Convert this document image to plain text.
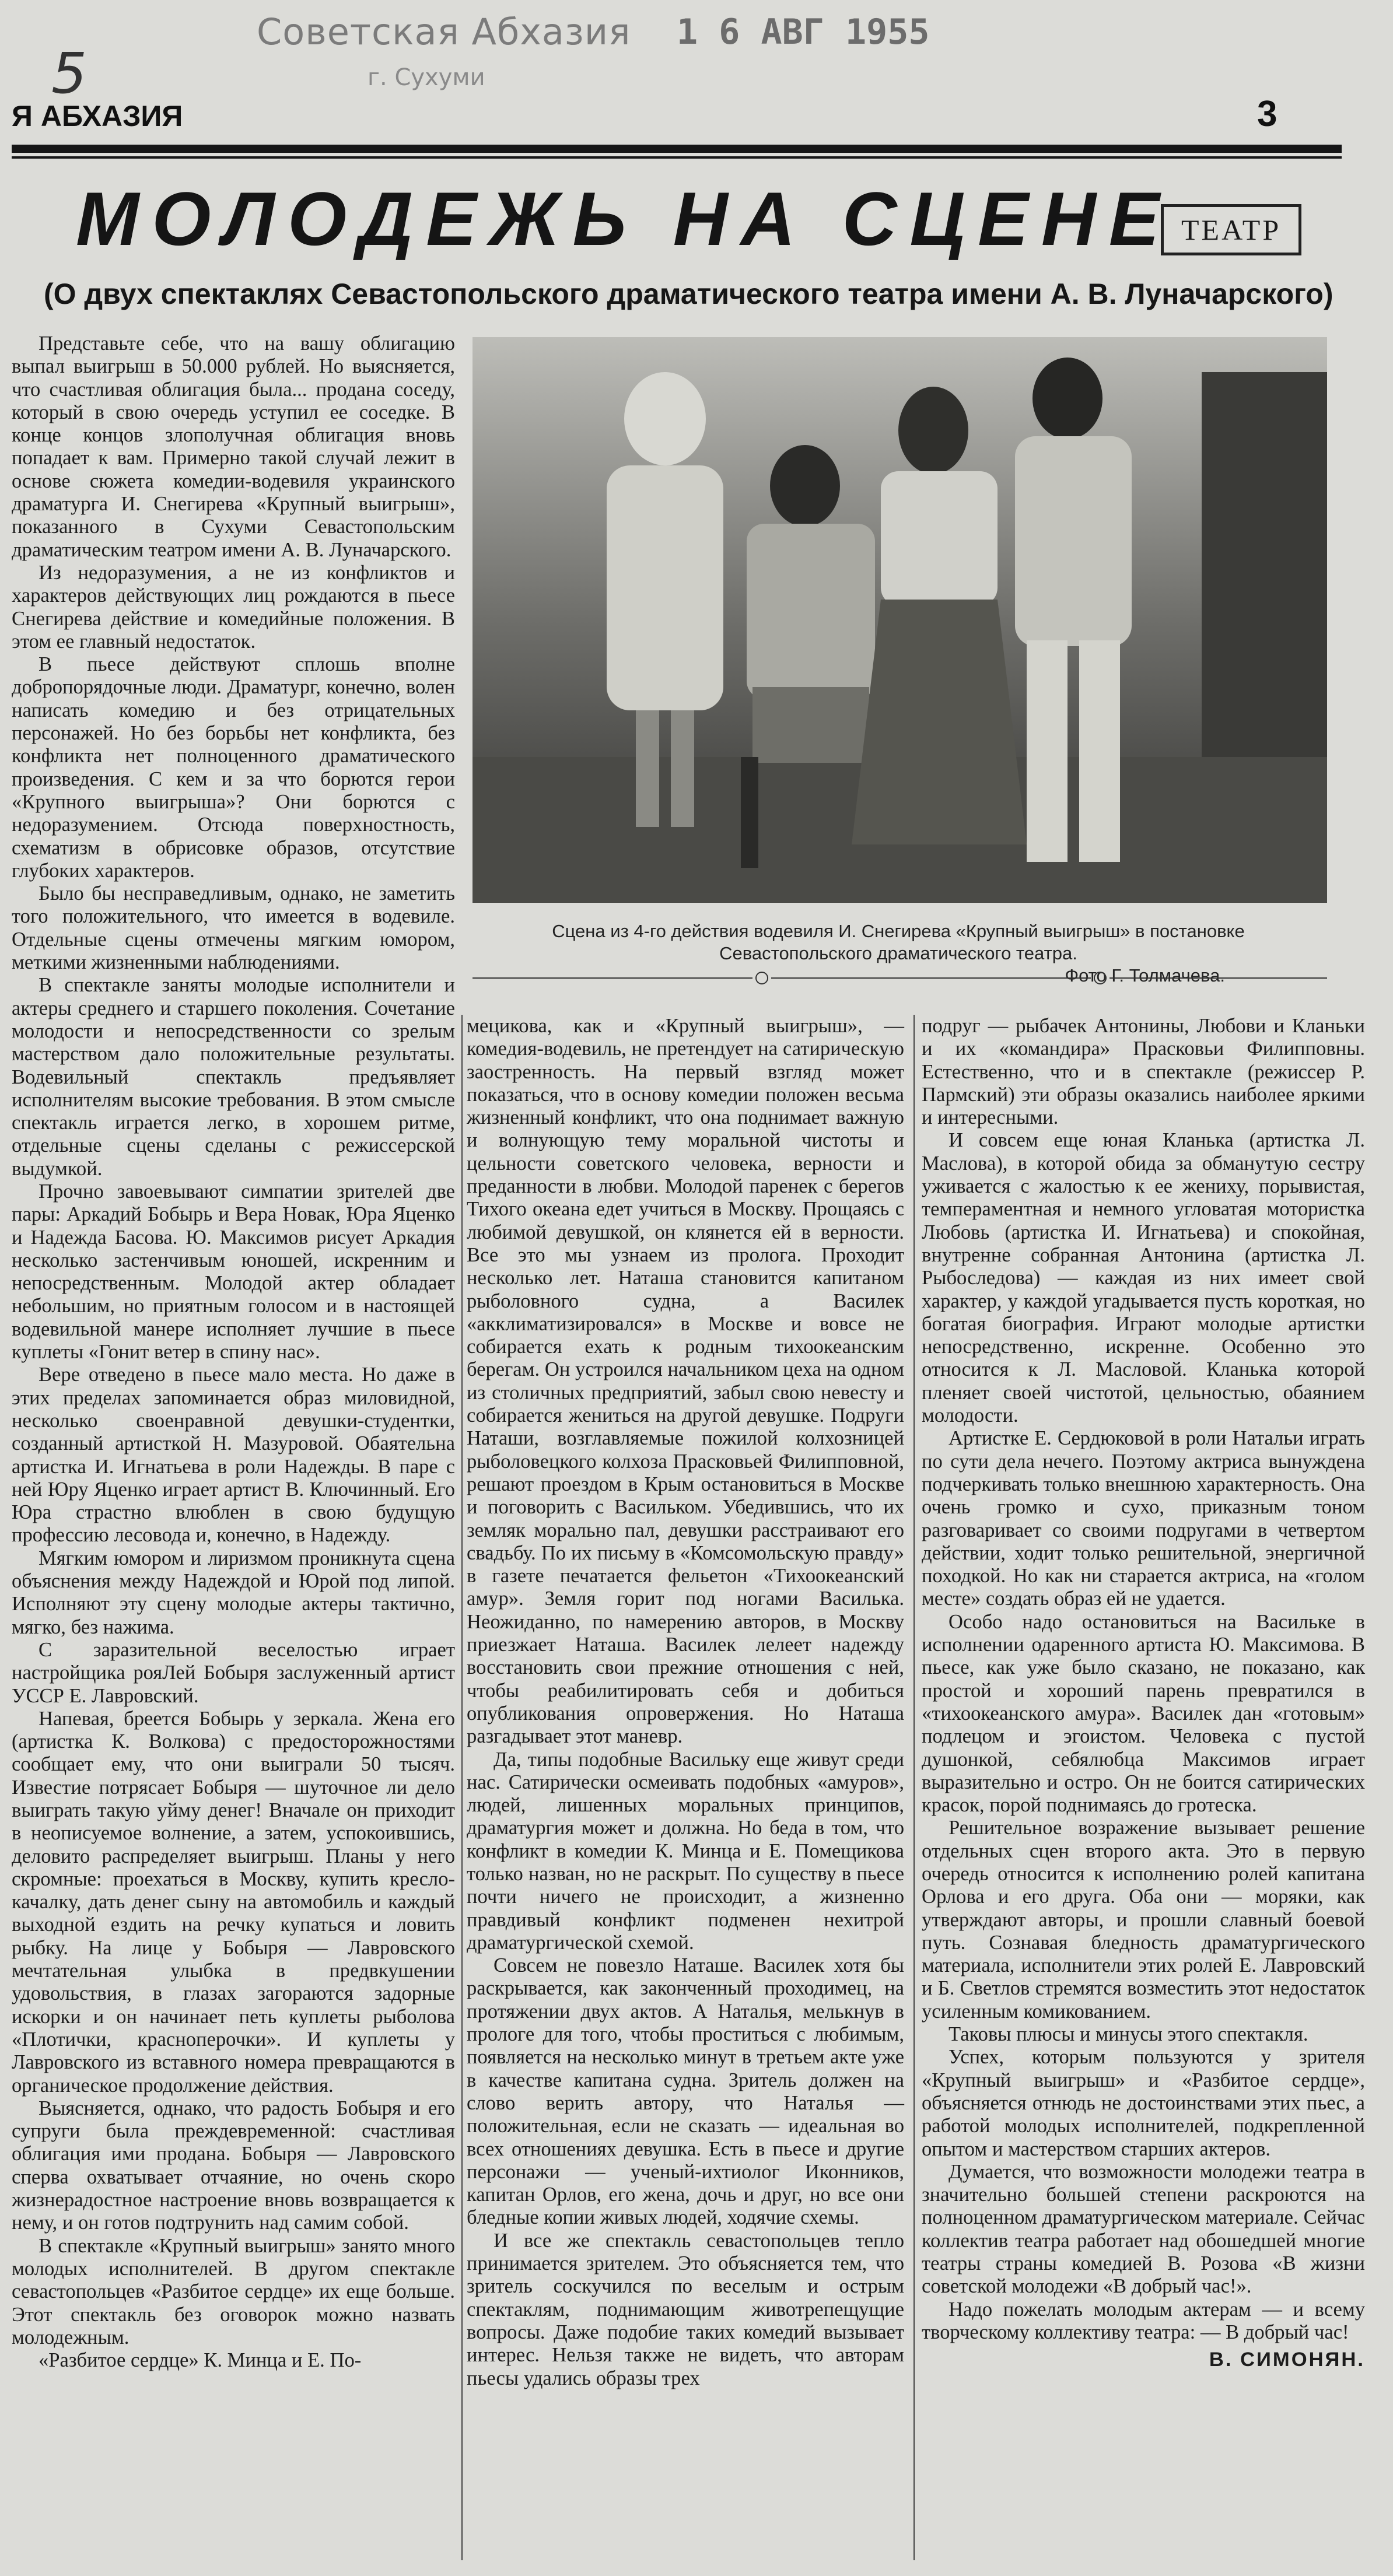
Советская Абхазия
г. Сухуми
1 6 АВГ 1955
5
Я АБХАЗИЯ	3
МОЛОДЕЖЬ НА СЦЕНЕ ТЕАТР
(О двух спектаклях Севастопольского драматического театра имени А. В. Луначарского)
Сцена из 4-го действия водевиля И. Снегирева «Крупный выигрыш» в постановке Севастопольского драматического театра.
Фото Г. Толмачева.

Представьте себе, что на вашу облигацию выпал выигрыш в 50.000 рублей. Но выясняется, что счастливая облигация была... продана соседу, который в свою очередь уступил ее соседке. В конце концов злополучная облигация вновь попадает к вам. Примерно такой случай лежит в основе сюжета комедии-водевиля украинского драматурга И. Снегирева «Крупный выигрыш», показанного в Сухуми Севастопольским драматическим театром имени А. В. Луначарского.

Из недоразумения, а не из конфликтов и характеров действующих лиц рождаются в пьесе Снегирева действие и комедийные положения. В этом ее главный недостаток.

В пьесе действуют сплошь вполне добропорядочные люди. Драматург, конечно, волен написать комедию и без отрицательных персонажей. Но без борьбы нет конфликта, без конфликта нет полноценного драматического произведения. С кем и за что борются герои «Крупного выигрыша»? Они борются с недоразумением. Отсюда поверхностность, схематизм в обрисовке образов, отсутствие глубоких характеров.

Было бы несправедливым, однако, не заметить того положительного, что имеется в водевиле. Отдельные сцены отмечены мягким юмором, меткими жизненными наблюдениями.

В спектакле заняты молодые исполнители и актеры среднего и старшего поколения. Сочетание молодости и непосредственности со зрелым мастерством дало положительные результаты. Водевильный спектакль предъявляет исполнителям высокие требования. В этом смысле спектакль играется легко, в хорошем ритме, отдельные сцены сделаны с режиссерской выдумкой.

Прочно завоевывают симпатии зрителей две пары: Аркадий Бобырь и Вера Новак, Юра Яценко и Надежда Басова. Ю. Максимов рисует Аркадия несколько застенчивым юношей, искренним и непосредственным. Молодой актер обладает небольшим, но приятным голосом и в настоящей водевильной манере исполняет лучшие в пьесе куплеты «Гонит ветер в спину нас».

Вере отведено в пьесе мало места. Но даже в этих пределах запоминается образ миловидной, несколько своенравной девушки-студентки, созданный артисткой Н. Мазуровой. Обаятельна артистка И. Игнатьева в роли Надежды. В паре с ней Юру Яценко играет артист В. Ключинный. Его Юра страстно влюблен в свою будущую профессию лесовода и, конечно, в Надежду.

Мягким юмором и лиризмом проникнута сцена объяснения между Надеждой и Юрой под липой. Исполняют эту сцену молодые актеры тактично, мягко, без нажима.

С заразительной веселостью играет настройщика рояЛей Бобыря заслуженный артист УССР Е. Лавровский.

Напевая, бреется Бобырь у зеркала. Жена его (артистка К. Волкова) с предосторожностями сообщает ему, что они выиграли 50 тысяч. Известие потрясает Бобыря — шуточное ли дело выиграть такую уйму денег! Вначале он приходит в неописуемое волнение, а затем, успокоившись, деловито распределяет выигрыш. Планы у него скромные: проехаться в Москву, купить кресло-качалку, дать денег сыну на автомобиль и каждый выходной ездить на речку купаться и ловить рыбку. На лице у Бобыря — Лавровского мечтательная улыбка в предвкушении удовольствия, в глазах загораются задорные искорки и он начинает петь куплеты рыболова «Плотички, красноперочки». И куплеты у Лавровского из вставного номера превращаются в органическое продолжение действия.

Выясняется, однако, что радость Бобыря и его супруги была преждевременной: счастливая облигация ими продана. Бобыря — Лавровского сперва охватывает отчаяние, но очень скоро жизнерадостное настроение вновь возвращается к нему, и он готов подтрунить над самим собой.

В спектакле «Крупный выигрыш» занято много молодых исполнителей. В другом спектакле севастопольцев «Разбитое сердце» их еще больше. Этот спектакль без оговорок можно назвать молодежным.

«Разбитое сердце» К. Минца и Е. По-

мецикова, как и «Крупный выигрыш», — комедия-водевиль, не претендует на сатирическую заостренность. На первый взгляд может показаться, что в основу комедии положен весьма жизненный конфликт, что она поднимает важную и волнующую тему моральной чистоты и цельности советского человека, верности и преданности в любви. Молодой паренек с берегов Тихого океана едет учиться в Москву. Прощаясь с любимой девушкой, он клянется ей в верности. Все это мы узнаем из пролога. Проходит несколько лет. Наташа становится капитаном рыболовного судна, а Василек «акклиматизировался» в Москве и вовсе не собирается ехать к родным тихоокеанским берегам. Он устроился начальником цеха на одном из столичных предприятий, забыл свою невесту и собирается жениться на другой девушке. Подруги Наташи, возглавляемые пожилой колхозницей рыболовецкого колхоза Прасковьей Филипповной, решают проездом в Крым остановиться в Москве и поговорить с Васильком. Убедившись, что их земляк морально пал, девушки расстраивают его свадьбу. По их письму в «Комсомольскую правду» в газете печатается фельетон «Тихоокеанский амур». Земля горит под ногами Василька. Неожиданно, по намерению авторов, в Москву приезжает Наташа. Василек лелеет надежду восстановить свои прежние отношения с ней, чтобы реабилитировать себя и добиться опубликования опровержения. Но Наташа разгадывает этот маневр.

Да, типы подобные Васильку еще живут среди нас. Сатирически осмеивать подобных «амуров», людей, лишенных моральных принципов, драматургия может и должна. Но беда в том, что конфликт в комедии К. Минца и Е. Помещикова только назван, но не раскрыт. По существу в пьесе почти ничего не происходит, а жизненно правдивый конфликт подменен нехитрой драматургической схемой.

Совсем не повезло Наташе. Василек хотя бы раскрывается, как законченный проходимец, на протяжении двух актов. А Наталья, мелькнув в прологе для того, чтобы проститься с любимым, появляется на несколько минут в третьем акте уже в качестве капитана судна. Зритель должен на слово верить автору, что Наталья — положительная, если не сказать — идеальная во всех отношениях девушка. Есть в пьесе и другие персонажи — ученый-ихтиолог Иконников, капитан Орлов, его жена, дочь и друг, но все они бледные копии живых людей, ходячие схемы.

И все же спектакль севастопольцев тепло принимается зрителем. Это объясняется тем, что зритель соскучился по веселым и острым спектаклям, поднимающим животрепещущие вопросы. Даже подобие таких комедий вызывает интерес. Нельзя также не видеть, что авторам пьесы удались образы трех

подруг — рыбачек Антонины, Любови и Кланьки и их «командира» Прасковьи Филипповны. Естественно, что и в спектакле (режиссер Р. Пармский) эти образы оказались наиболее яркими и интересными.

И совсем еще юная Кланька (артистка Л. Маслова), в которой обида за обманутую сестру уживается с жалостью к ее жениху, порывистая, темпераментная и немного угловатая мотористка Любовь (артистка И. Игнатьева) и спокойная, внутренне собранная Антонина (артистка Л. Рыбоследова) — каждая из них имеет свой характер, у каждой угадывается пусть короткая, но богатая биография. Играют молодые артистки непосредственно, искренне. Особенно это относится к Л. Масловой. Кланька которой пленяет своей чистотой, цельностью, обаянием молодости.

Артистке Е. Сердюковой в роли Натальи играть по сути дела нечего. Поэтому актриса вынуждена подчеркивать только внешнюю характерность. Она очень громко и сухо, приказным тоном разговаривает со своими подругами в четвертом действии, ходит только решительной, энергичной походкой. Но как ни старается актриса, на «голом месте» создать образ ей не удается.

Особо надо остановиться на Васильке в исполнении одаренного артиста Ю. Максимова. В пьесе, как уже было сказано, не показано, как простой и хороший парень превратился в «тихоокеанского амура». Василек дан «готовым» подлецом и эгоистом. Человека с пустой душонкой, себялюбца Максимов играет выразительно и остро. Он не боится сатирических красок, порой поднимаясь до гротеска.

Решительное возражение вызывает решение отдельных сцен второго акта. Это в первую очередь относится к исполнению ролей капитана Орлова и его друга. Оба они — моряки, как утверждают авторы, и прошли славный боевой путь. Сознавая бледность драматургического материала, исполнители этих ролей Е. Лавровский и Б. Светлов стремятся возместить этот недостаток усиленным комикованием.

Таковы плюсы и минусы этого спектакля.

Успех, которым пользуются у зрителя «Крупный выигрыш» и «Разбитое сердце», объясняется отнюдь не достоинствами этих пьес, а работой молодых исполнителей, подкрепленной опытом и мастерством старших актеров.

Думается, что возможности молодежи театра в значительно большей степени раскроются на полноценном драматургическом материале. Сейчас коллектив театра работает над обошедшей многие театры страны комедией В. Розова «В жизни советской молодежи «В добрый час!».

Надо пожелать молодым актерам — и всему творческому коллективу театра: — В добрый час!

В. СИМОНЯН.
